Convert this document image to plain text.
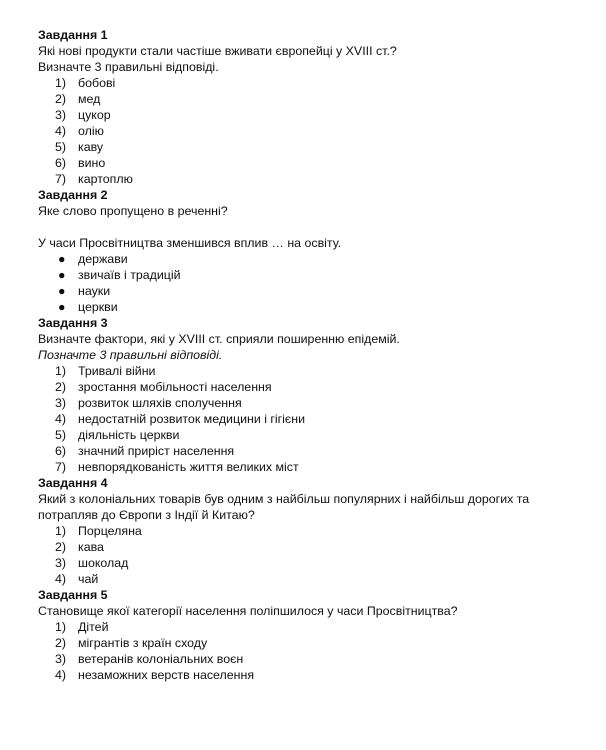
Завдання 1
Які нові продукти стали частіше вживати європейці у XVIII ст.?
Визначте 3 правильні відповіді.
1) бобові
2) мед
3) цукор
4) олію
5) каву
6) вино
7) картоплю
Завдання 2
Яке слово пропущено в реченні?
У часи Просвітництва зменшився вплив … на освіту.
● держави
● звичаїв і традицій
● науки
● церкви
Завдання 3
Визначте фактори, які у XVIII ст. сприяли поширенню епідемій.
Позначте 3 правильні відповіді.
1) Тривалі війни
2) зростання мобільності населення
3) розвиток шляхів сполучення
4) недостатній розвиток медицини і гігієни
5) діяльність церкви
6) значний приріст населення
7) невпорядкованість життя великих міст
Завдання 4
Який з колоніальних товарів був одним з найбільш популярних і найбільш дорогих та
потрапляв до Європи з Індії й Китаю?
1) Порцеляна
2) кава
3) шоколад
4) чай
Завдання 5
Становище якої категорії населення поліпшилося у часи Просвітництва?
1) Дітей
2) мігрантів з країн сходу
3) ветеранів колоніальних воєн
4) незаможних верств населення
